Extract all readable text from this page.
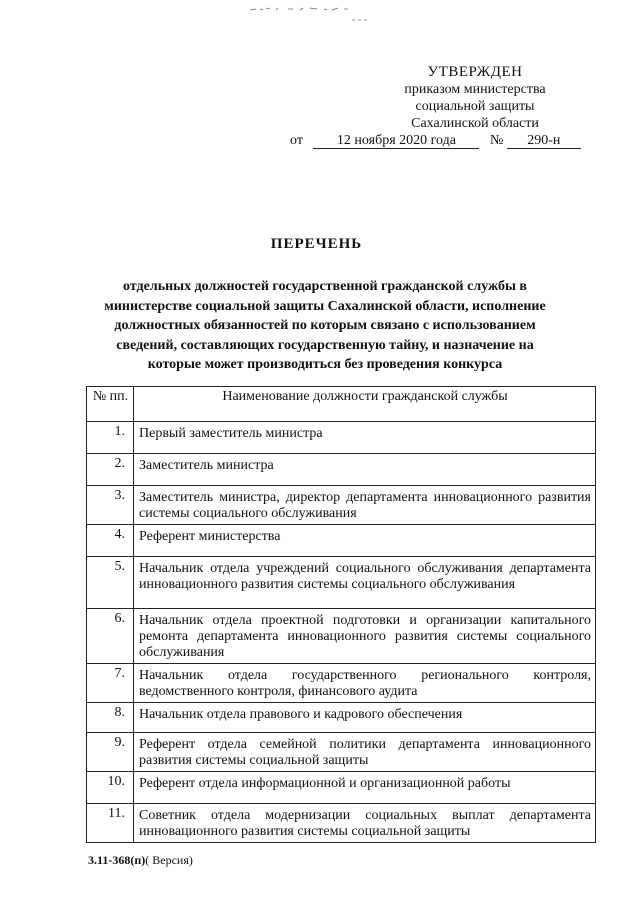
УТВЕРЖДЕН
приказом министерства
социальной защиты
Сахалинской области
от 12 ноября 2020 года № 290-н
ПЕРЕЧЕНЬ
отдельных должностей государственной гражданской службы в министерстве социальной защиты Сахалинской области, исполнение должностных обязанностей по которым связано с использованием сведений, составляющих государственную тайну, и назначение на которые может производиться без проведения конкурса
№ пп.	Наименование должности гражданской службы
1.	Первый заместитель министра
2.	Заместитель министра
3.	Заместитель министра, директор департамента инновационного развития системы социального обслуживания
4.	Референт министерства
5.	Начальник отдела учреждений социального обслуживания департамента инновационного развития системы социального обслуживания
6.	Начальник отдела проектной подготовки и организации капитального ремонта департамента инновационного развития системы социального обслуживания
7.	Начальник отдела государственного регионального контроля, ведомственного контроля, финансового аудита
8.	Начальник отдела правового и кадрового обеспечения
9.	Референт отдела семейной политики департамента инновационного развития системы социальной защиты
10.	Референт отдела информационной и организационной работы
11.	Советник отдела модернизации социальных выплат департамента инновационного развития системы социальной защиты
3.11-368(п)( Версия)
